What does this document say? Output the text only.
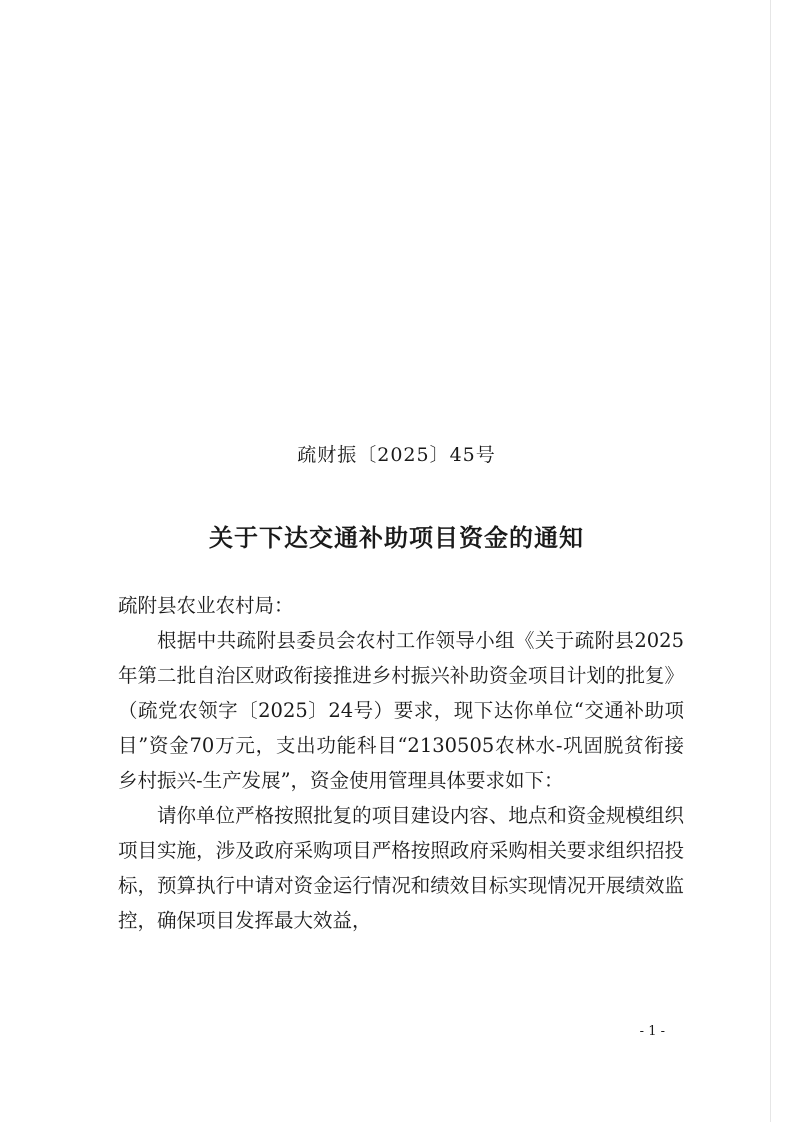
疏财振〔2025〕45号

关于下达交通补助项目资金的通知

疏附县农业农村局：

根据中共疏附县委员会农村工作领导小组《关于疏附县2025年第二批自治区财政衔接推进乡村振兴补助资金项目计划的批复》（疏党农领字〔2025〕24号）要求，现下达你单位“交通补助项目”资金70万元，支出功能科目“2130505农林水-巩固脱贫衔接乡村振兴-生产发展”，资金使用管理具体要求如下：

请你单位严格按照批复的项目建设内容、地点和资金规模组织项目实施，涉及政府采购项目严格按照政府采购相关要求组织招投标，预算执行中请对资金运行情况和绩效目标实现情况开展绩效监控，确保项目发挥最大效益，

- 1 -
